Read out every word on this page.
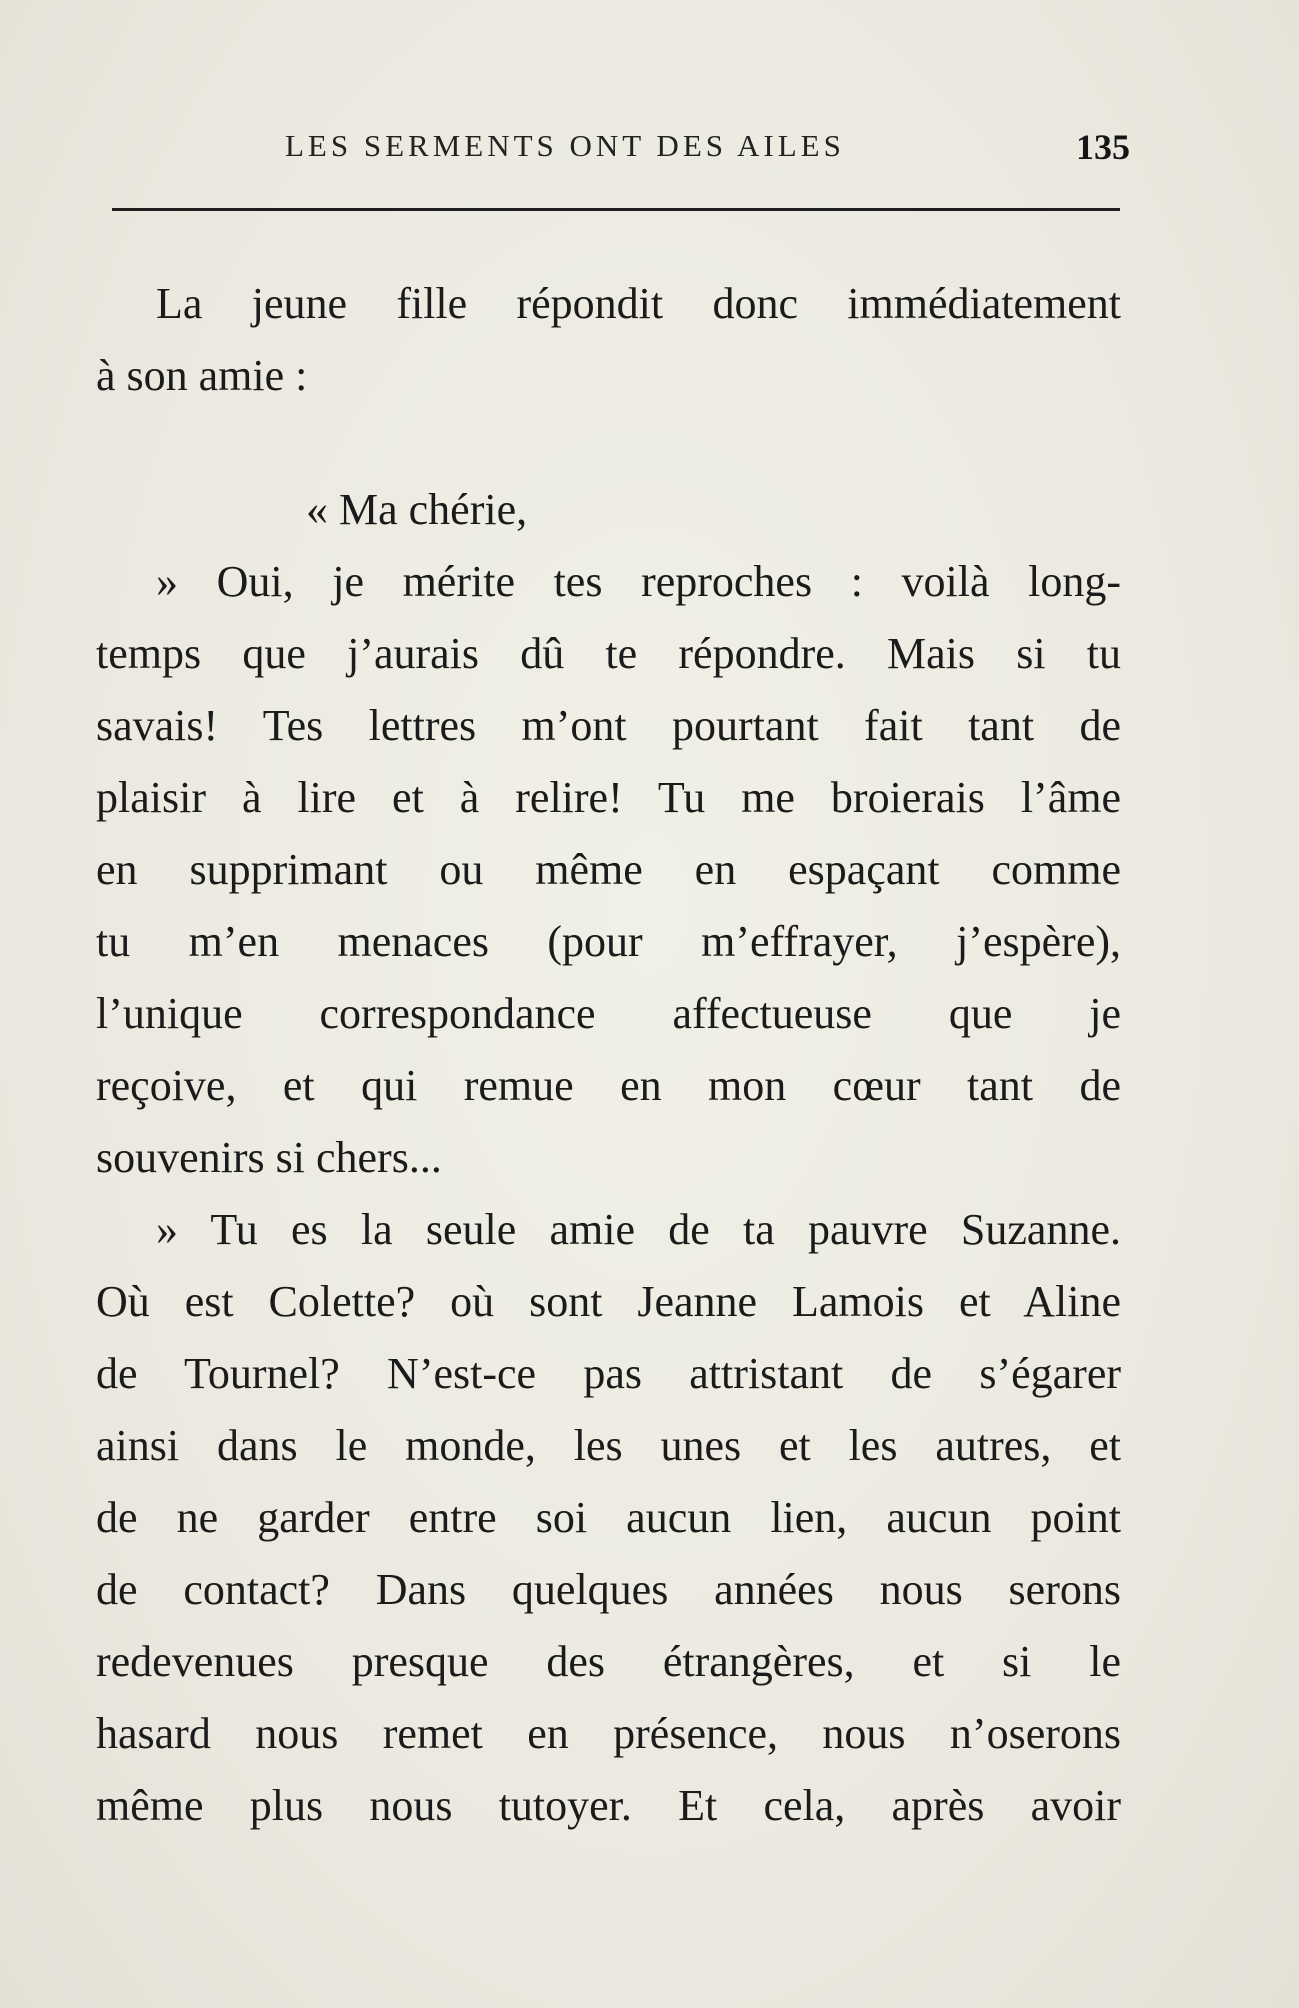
LES SERMENTS ONT DES AILES	135
La jeune fille répondit donc immédiatement
à son amie :
« Ma chérie,
» Oui, je mérite tes reproches : voilà long-
temps que j’aurais dû te répondre. Mais si tu
savais! Tes lettres m’ont pourtant fait tant de
plaisir à lire et à relire! Tu me broierais l’âme
en supprimant ou même en espaçant comme
tu m’en menaces (pour m’effrayer, j’espère),
l’unique correspondance affectueuse que je
reçoive, et qui remue en mon cœur tant de
souvenirs si chers...
» Tu es la seule amie de ta pauvre Suzanne.
Où est Colette? où sont Jeanne Lamois et Aline
de Tournel? N’est-ce pas attristant de s’égarer
ainsi dans le monde, les unes et les autres, et
de ne garder entre soi aucun lien, aucun point
de contact? Dans quelques années nous serons
redevenues presque des étrangères, et si le
hasard nous remet en présence, nous n’oserons
même plus nous tutoyer. Et cela, après avoir
